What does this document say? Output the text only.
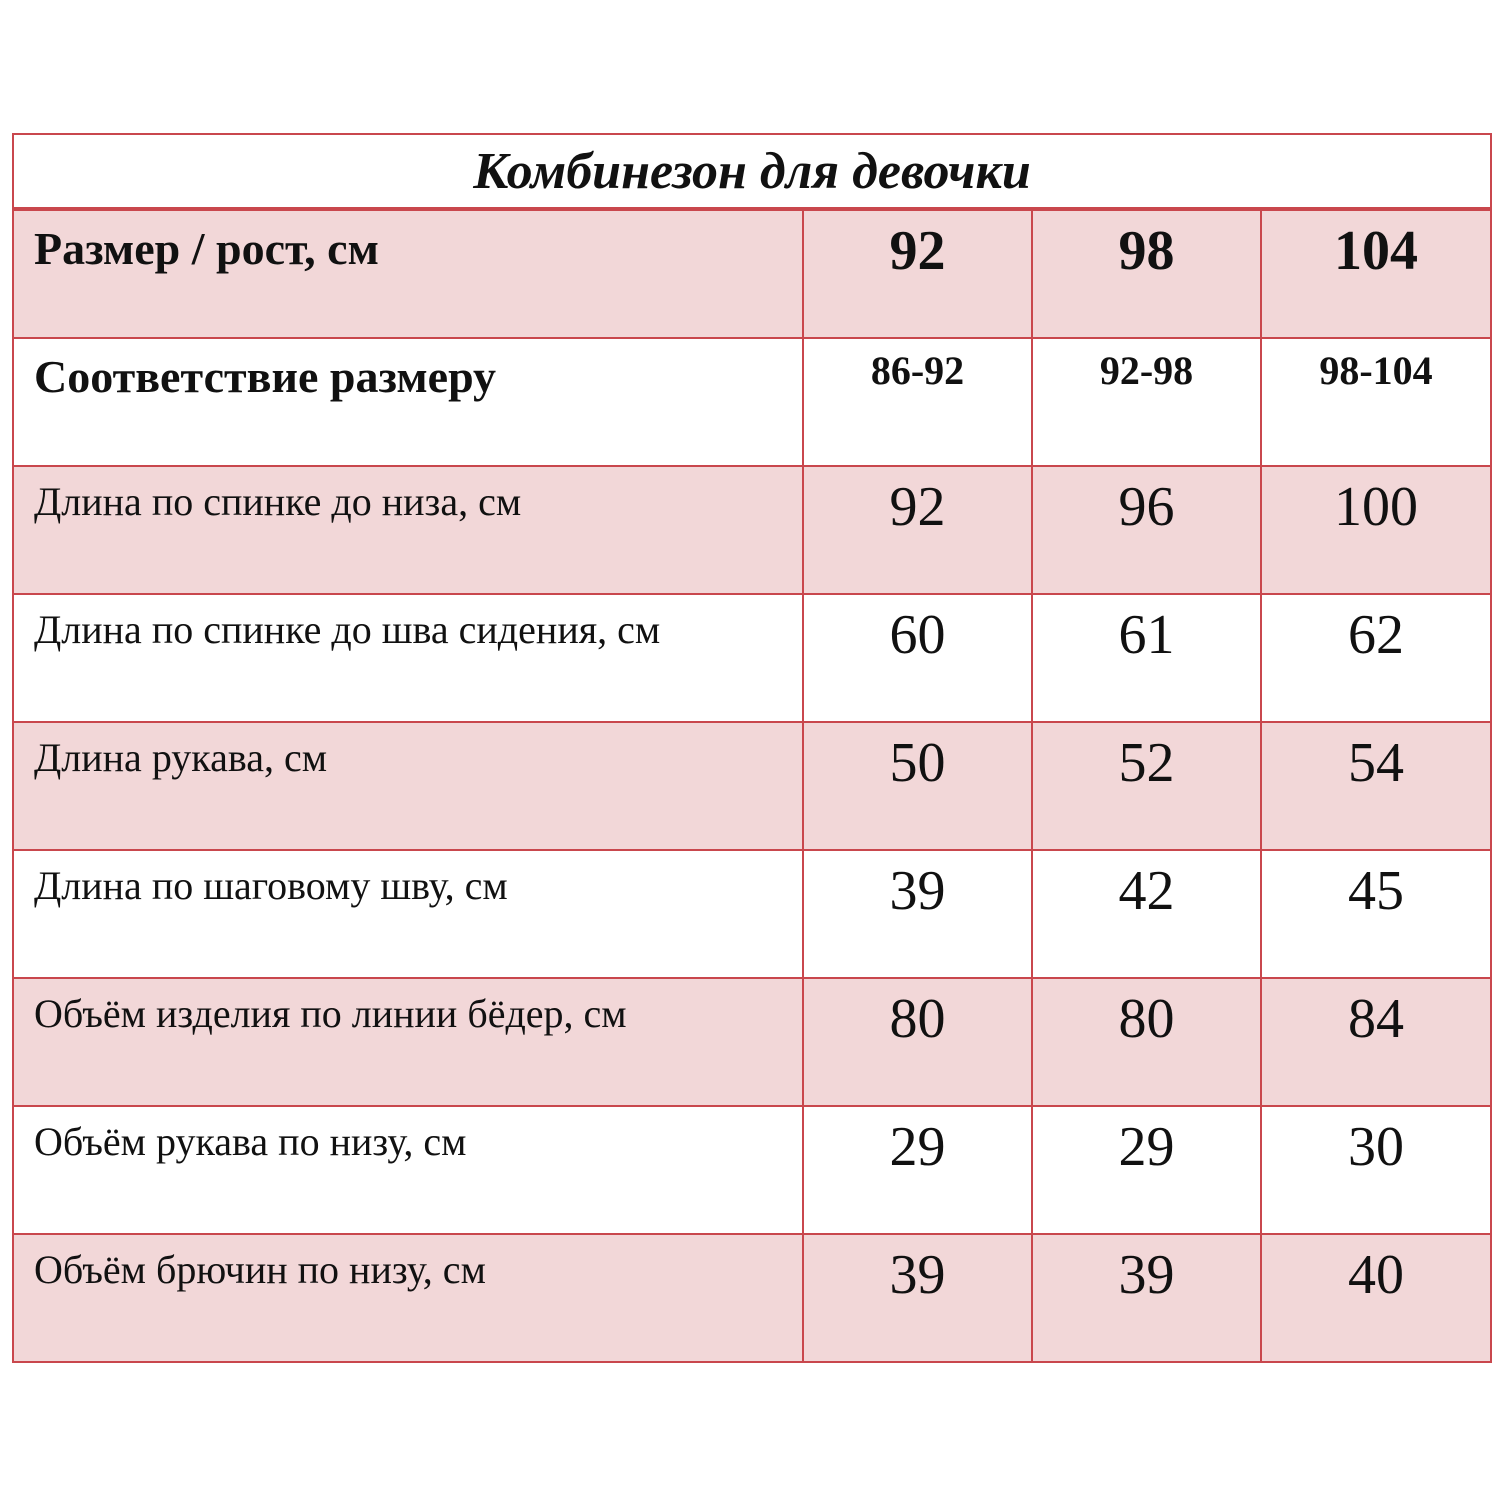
Комбинезон для девочки			

Размер / рост, см	92	98	104

Соответствие размеру	86-92	92-98	98-104

Длина по спинке до низа, см	92	96	100

Длина по спинке до шва сидения, см	60	61	62

Длина рукава, см	50	52	54

Длина по шаговому шву, см	39	42	45

Объём изделия по линии бёдер, см	80	80	84

Объём рукава по низу, см	29	29	30

Объём брючин по низу, см	39	39	40
